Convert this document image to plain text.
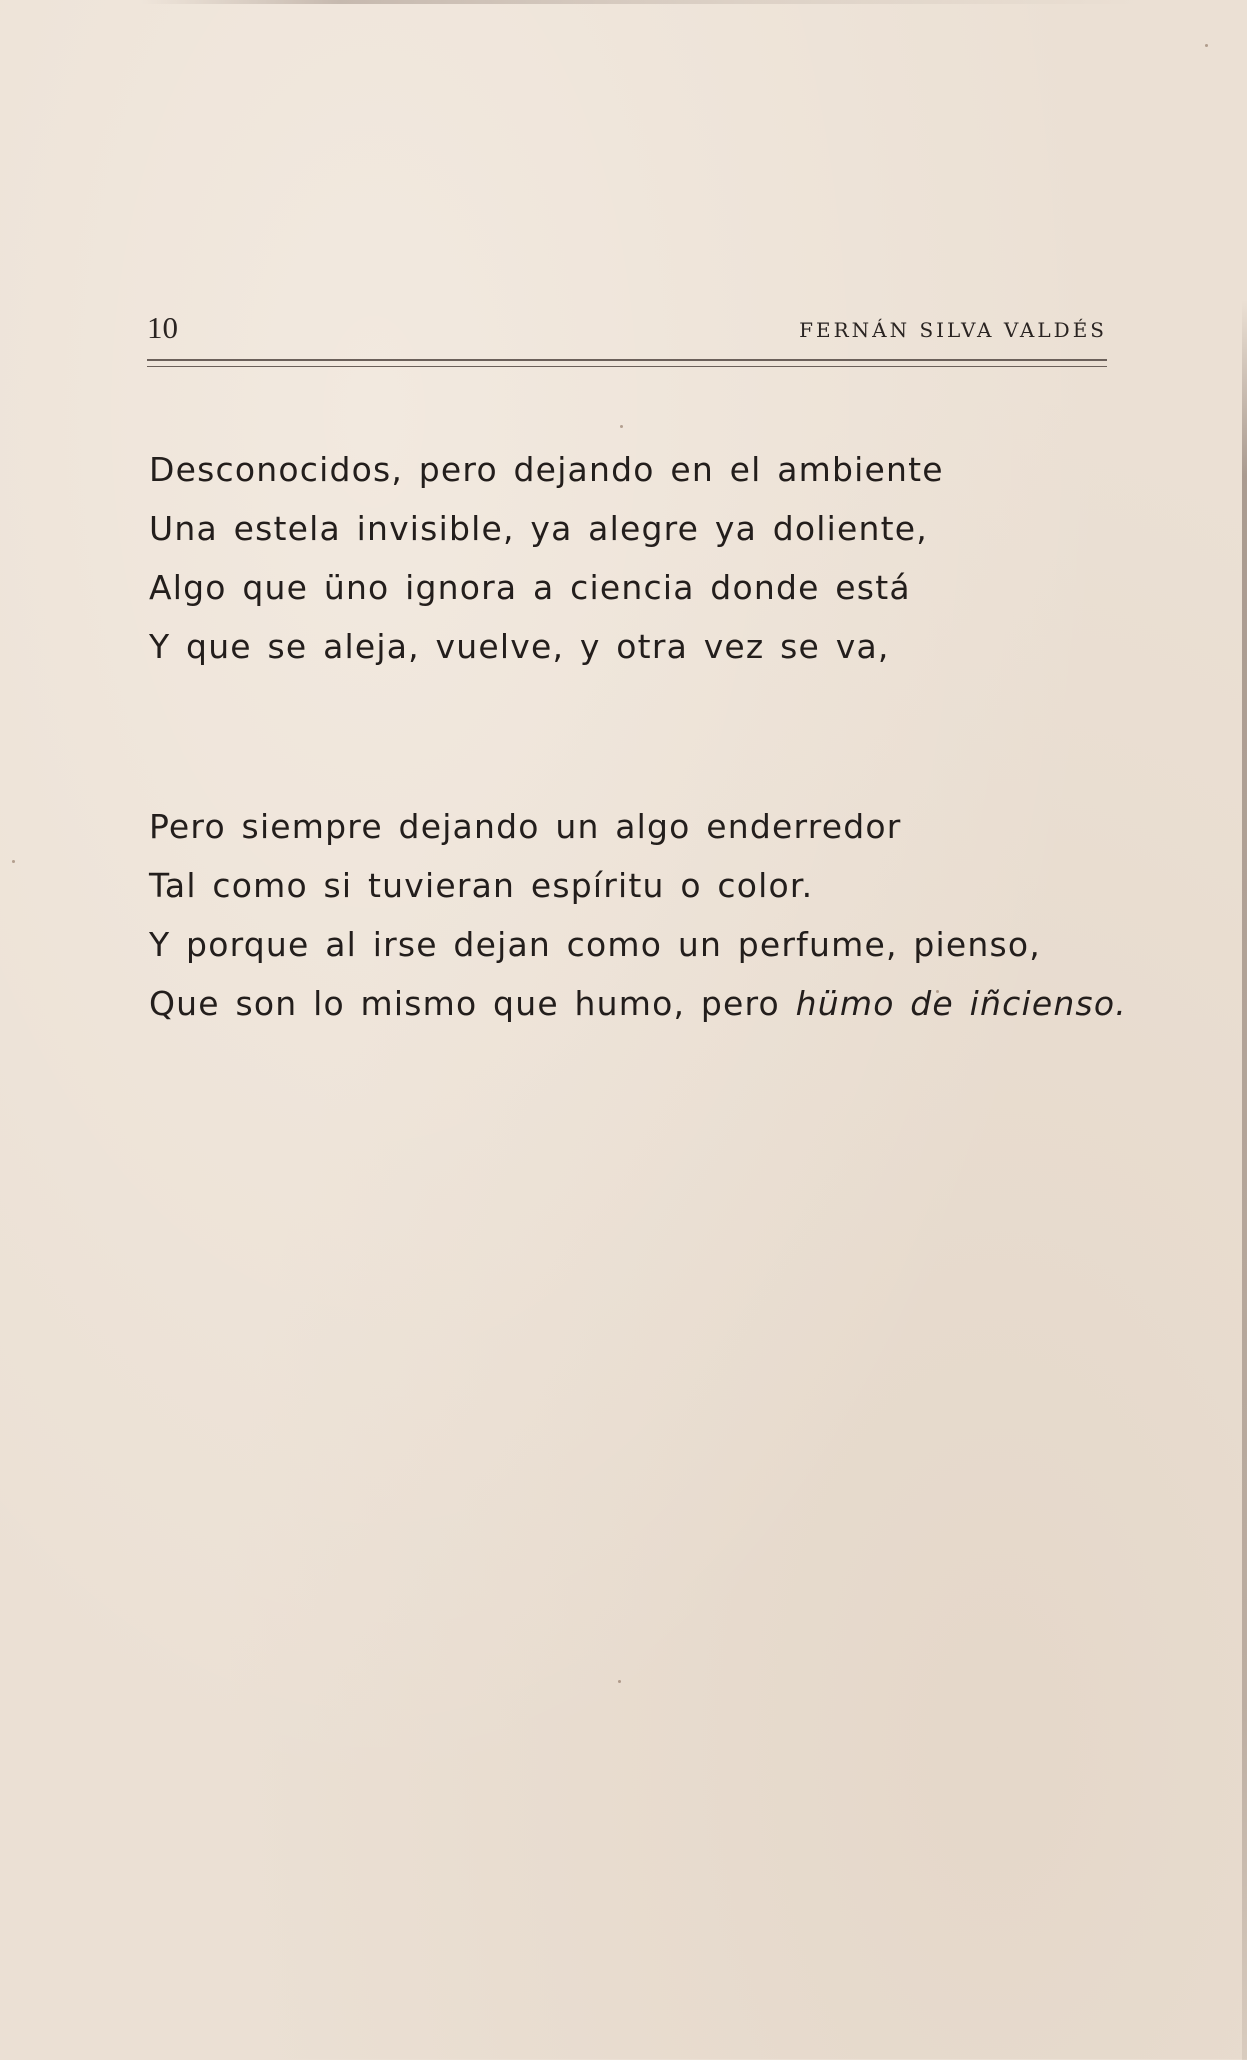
10	FERNÁN SILVA VALDÉS
Desconocidos, pero dejando en el ambiente
Una estela invisible, ya alegre ya doliente,
Algo que üno ignora a ciencia donde está
Y que se aleja, vuelve, y otra vez se va,
Pero siempre dejando un algo enderredor
Tal como si tuvieran espíritu o color.
Y porque al irse dejan como un perfume, pienso,
Que son lo mismo que humo, pero hümo de iñcienso.
